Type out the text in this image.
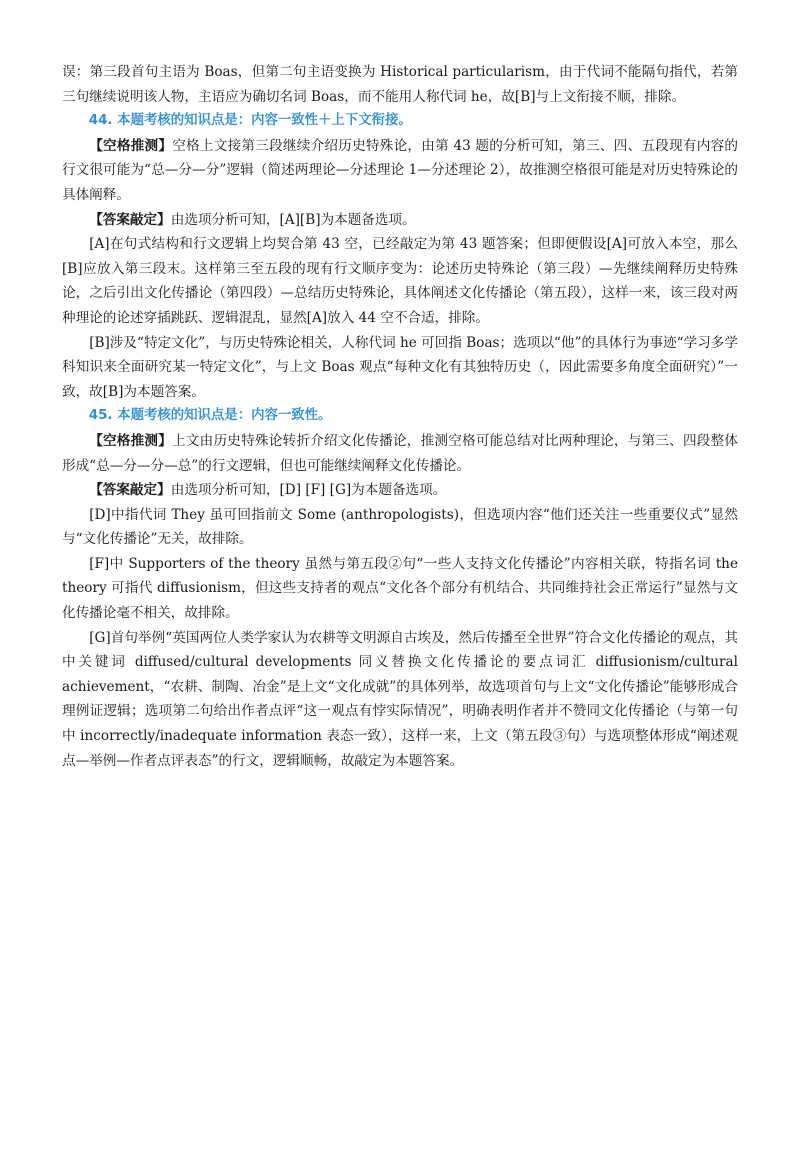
误：第三段首句主语为 Boas，但第二句主语变换为 Historical particularism，由于代词不能隔句指代，若第三句继续说明该人物，主语应为确切名词 Boas，而不能用人称代词 he，故[B]与上文衔接不顺，排除。

44. 本题考核的知识点是：内容一致性＋上下文衔接。

【空格推测】空格上文接第三段继续介绍历史特殊论，由第 43 题的分析可知，第三、四、五段现有内容的行文很可能为“总—分—分”逻辑（简述两理论—分述理论 1—分述理论 2），故推测空格很可能是对历史特殊论的具体阐释。

【答案敲定】由选项分析可知，[A][B]为本题备选项。

[A]在句式结构和行文逻辑上均契合第 43 空，已经敲定为第 43 题答案；但即便假设[A]可放入本空，那么[B]应放入第三段末。这样第三至五段的现有行文顺序变为：论述历史特殊论（第三段）—先继续阐释历史特殊论，之后引出文化传播论（第四段）—总结历史特殊论，具体阐述文化传播论（第五段），这样一来，该三段对两种理论的论述穿插跳跃、逻辑混乱，显然[A]放入 44 空不合适，排除。

[B]涉及“特定文化”，与历史特殊论相关，人称代词 he 可回指 Boas；选项以“他”的具体行为事迹“学习多学科知识来全面研究某一特定文化”，与上文 Boas 观点“每种文化有其独特历史（，因此需要多角度全面研究）”一致，故[B]为本题答案。

45. 本题考核的知识点是：内容一致性。

【空格推测】上文由历史特殊论转折介绍文化传播论，推测空格可能总结对比两种理论，与第三、四段整体形成“总—分—分—总”的行文逻辑，但也可能继续阐释文化传播论。

【答案敲定】由选项分析可知，[D] [F] [G]为本题备选项。

[D]中指代词 They 虽可回指前文 Some (anthropologists)，但选项内容“他们还关注一些重要仪式”显然与“文化传播论”无关，故排除。

[F]中 Supporters of the theory 虽然与第五段②句“一些人支持文化传播论”内容相关联，特指名词 the theory 可指代 diffusionism，但这些支持者的观点“文化各个部分有机结合、共同维持社会正常运行”显然与文化传播论毫不相关，故排除。

[G]首句举例“英国两位人类学家认为农耕等文明源自古埃及，然后传播至全世界”符合文化传播论的观点，其中关键词 diffused/cultural developments 同义替换文化传播论的要点词汇 diffusionism/cultural achievement，“农耕、制陶、冶金”是上文“文化成就”的具体列举，故选项首句与上文“文化传播论”能够形成合理例证逻辑；选项第二句给出作者点评“这一观点有悖实际情况”，明确表明作者并不赞同文化传播论（与第一句中 incorrectly/inadequate information 表态一致），这样一来，上文（第五段③句）与选项整体形成“阐述观点—举例—作者点评表态”的行文，逻辑顺畅，故敲定为本题答案。
